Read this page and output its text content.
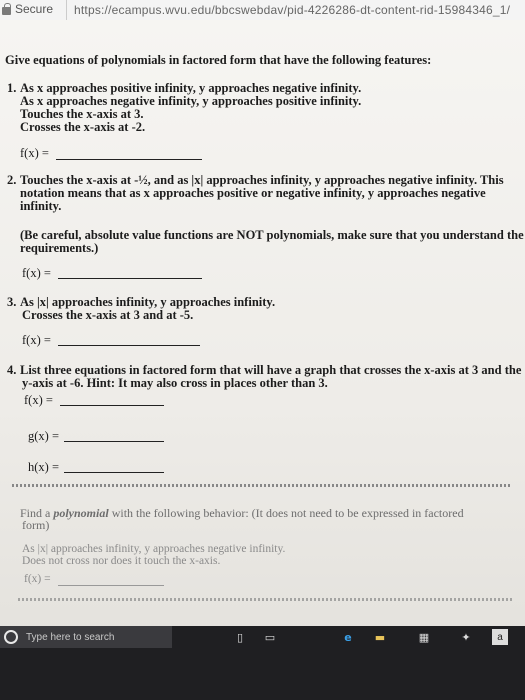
Secure https://ecampus.wvu.edu/bbcswebdav/pid-4226286-dt-content-rid-15984346_1/
Give equations of polynomials in factored form that have the following features:
1. As x approaches positive infinity, y approaches negative infinity.
As x approaches negative infinity, y approaches positive infinity.
Touches the x-axis at 3.
Crosses the x-axis at -2.
f(x) =
2. Touches the x-axis at -½, and as |x| approaches infinity, y approaches negative infinity. This
notation means that as x approaches positive or negative infinity, y approaches negative
infinity.
(Be careful, absolute value functions are NOT polynomials, make sure that you understand the
requirements.)
f(x) =
3. As |x| approaches infinity, y approaches infinity.
Crosses the x-axis at 3 and at -5.
f(x) =
4. List three equations in factored form that will have a graph that crosses the x-axis at 3 and the
y-axis at -6. Hint: It may also cross in places other than 3.
f(x) =
g(x) =
h(x) =
Find a polynomial with the following behavior: (It does not need to be expressed in factored
form)
As |x| approaches infinity, y approaches negative infinity.
Does not cross nor does it touch the x-axis.
f(x) =
Type here to search	▯	▭	e	▬	▦	✦	a
